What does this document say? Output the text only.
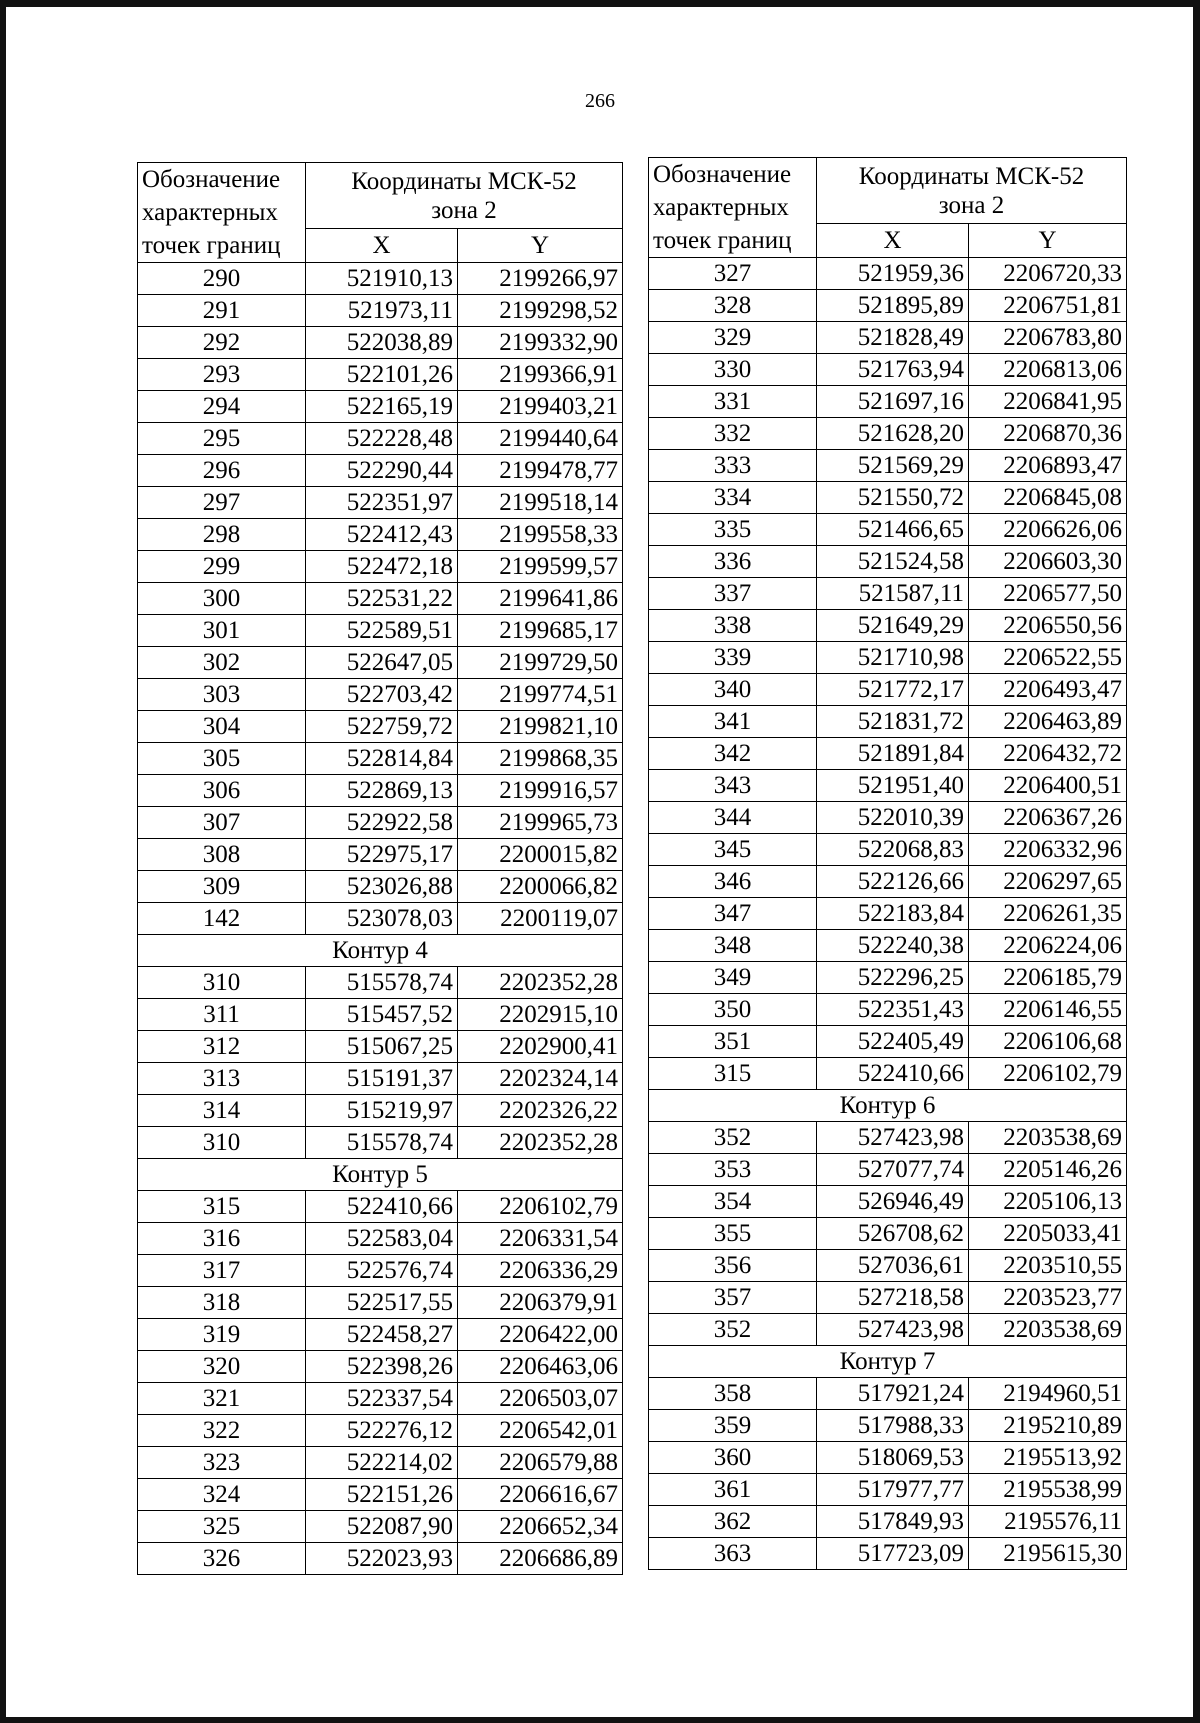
266
Обозначение
характерных
точек границ	Координаты МСК-52
зона 2	

	X	Y
290	521910,13	2199266,97
291	521973,11	2199298,52
292	522038,89	2199332,90
293	522101,26	2199366,91
294	522165,19	2199403,21
295	522228,48	2199440,64
296	522290,44	2199478,77
297	522351,97	2199518,14
298	522412,43	2199558,33
299	522472,18	2199599,57
300	522531,22	2199641,86
301	522589,51	2199685,17
302	522647,05	2199729,50
303	522703,42	2199774,51
304	522759,72	2199821,10
305	522814,84	2199868,35
306	522869,13	2199916,57
307	522922,58	2199965,73
308	522975,17	2200015,82
309	523026,88	2200066,82
142	523078,03	2200119,07
Контур 4		
310	515578,74	2202352,28
311	515457,52	2202915,10
312	515067,25	2202900,41
313	515191,37	2202324,14
314	515219,97	2202326,22
310	515578,74	2202352,28
Контур 5		
315	522410,66	2206102,79
316	522583,04	2206331,54
317	522576,74	2206336,29
318	522517,55	2206379,91
319	522458,27	2206422,00
320	522398,26	2206463,06
321	522337,54	2206503,07
322	522276,12	2206542,01
323	522214,02	2206579,88
324	522151,26	2206616,67
325	522087,90	2206652,34
326	522023,93	2206686,89
Обозначение
характерных
точек границ	Координаты МСК-52
зона 2	

	X	Y
327	521959,36	2206720,33
328	521895,89	2206751,81
329	521828,49	2206783,80
330	521763,94	2206813,06
331	521697,16	2206841,95
332	521628,20	2206870,36
333	521569,29	2206893,47
334	521550,72	2206845,08
335	521466,65	2206626,06
336	521524,58	2206603,30
337	521587,11	2206577,50
338	521649,29	2206550,56
339	521710,98	2206522,55
340	521772,17	2206493,47
341	521831,72	2206463,89
342	521891,84	2206432,72
343	521951,40	2206400,51
344	522010,39	2206367,26
345	522068,83	2206332,96
346	522126,66	2206297,65
347	522183,84	2206261,35
348	522240,38	2206224,06
349	522296,25	2206185,79
350	522351,43	2206146,55
351	522405,49	2206106,68
315	522410,66	2206102,79
Контур 6		
352	527423,98	2203538,69
353	527077,74	2205146,26
354	526946,49	2205106,13
355	526708,62	2205033,41
356	527036,61	2203510,55
357	527218,58	2203523,77
352	527423,98	2203538,69
Контур 7		
358	517921,24	2194960,51
359	517988,33	2195210,89
360	518069,53	2195513,92
361	517977,77	2195538,99
362	517849,93	2195576,11
363	517723,09	2195615,30
